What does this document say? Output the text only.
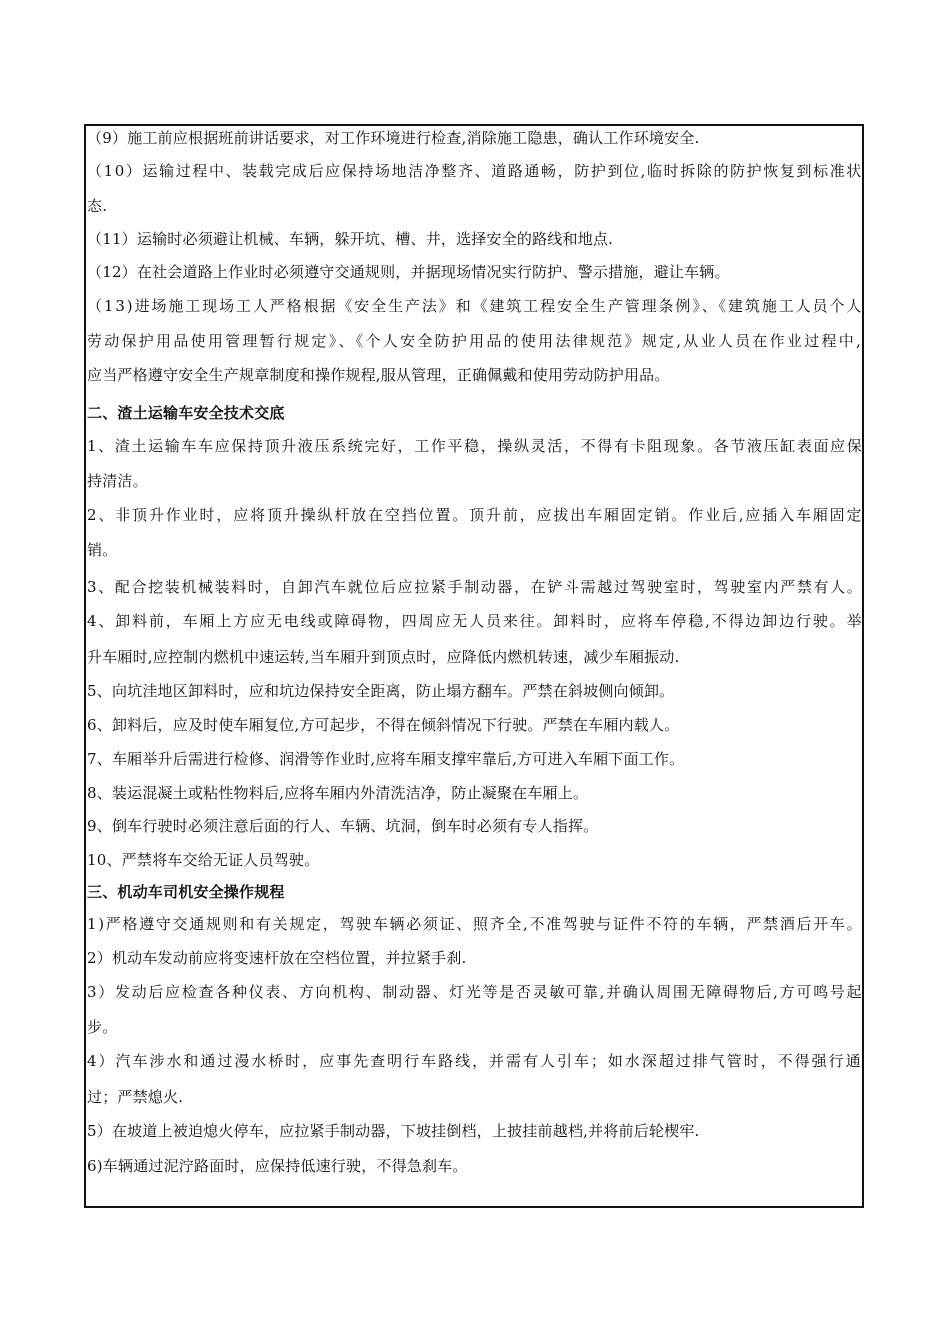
（9）施工前应根据班前讲话要求，对工作环境进行检查,消除施工隐患，确认工作环境安全.
（10）运输过程中、装载完成后应保持场地洁净整齐、道路通畅，防护到位,临时拆除的防护恢复到标准状
态.
（11）运输时必须避让机械、车辆，躲开坑、槽、井，选择安全的路线和地点.
（12）在社会道路上作业时必须遵守交通规则，并据现场情况实行防护、警示措施，避让车辆。
（13)进场施工现场工人严格根据《安全生产法》和《建筑工程安全生产管理条例》、《建筑施工人员个人
劳动保护用品使用管理暂行规定》、《个人安全防护用品的使用法律规范》规定,从业人员在作业过程中,
应当严格遵守安全生产规章制度和操作规程,服从管理，正确佩戴和使用劳动防护用品。
二、渣土运输车安全技术交底
1、渣土运输车车应保持顶升液压系统完好，工作平稳，操纵灵活，不得有卡阻现象。各节液压缸表面应保
持清洁。
2、非顶升作业时，应将顶升操纵杆放在空挡位置。顶升前，应拔出车厢固定销。作业后,应插入车厢固定
销。
3、配合挖装机械装料时，自卸汽车就位后应拉紧手制动器，在铲斗需越过驾驶室时，驾驶室内严禁有人。
4、卸料前，车厢上方应无电线或障碍物，四周应无人员来往。卸料时，应将车停稳,不得边卸边行驶。举
升车厢时,应控制内燃机中速运转,当车厢升到顶点时，应降低内燃机转速，减少车厢振动.
5、向坑洼地区卸料时，应和坑边保持安全距离，防止塌方翻车。严禁在斜坡侧向倾卸。
6、卸料后，应及时使车厢复位,方可起步，不得在倾斜情况下行驶。严禁在车厢内载人。
7、车厢举升后需进行检修、润滑等作业时,应将车厢支撑牢靠后,方可进入车厢下面工作。
8、装运混凝土或粘性物料后,应将车厢内外清洗洁净，防止凝聚在车厢上。
9、倒车行驶时必须注意后面的行人、车辆、坑洞，倒车时必须有专人指挥。
10、严禁将车交给无证人员驾驶。
三、机动车司机安全操作规程
1)严格遵守交通规则和有关规定，驾驶车辆必须证、照齐全,不准驾驶与证件不符的车辆，严禁酒后开车。
2）机动车发动前应将变速杆放在空档位置，并拉紧手刹.
3）发动后应检查各种仪表、方向机构、制动器、灯光等是否灵敏可靠,并确认周围无障碍物后,方可鸣号起
步。
4）汽车涉水和通过漫水桥时，应事先查明行车路线，并需有人引车；如水深超过排气管时，不得强行通
过；严禁熄火.
5）在坡道上被迫熄火停车，应拉紧手制动器，下坡挂倒档，上披挂前越档,并将前后轮楔牢.
6)车辆通过泥泞路面时，应保持低速行驶，不得急刹车。
